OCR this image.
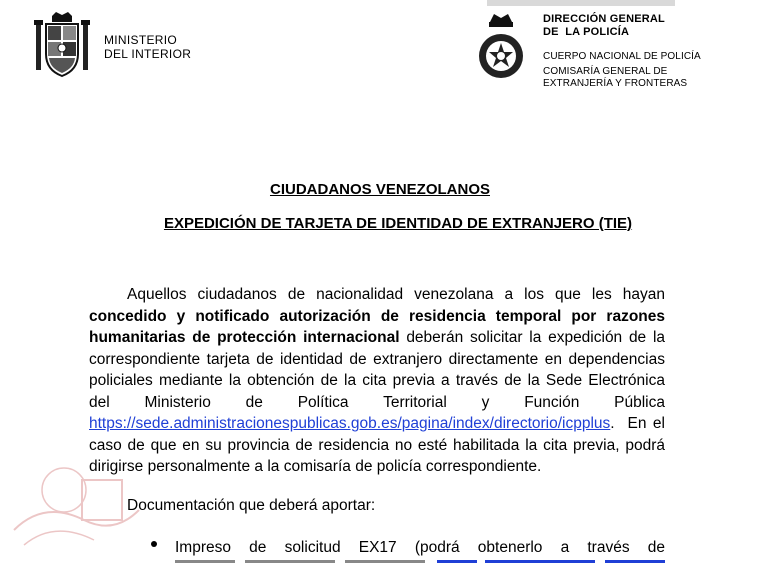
MINISTERIO
DEL INTERIOR
DIRECCIÓN GENERAL
DE  LA POLICÍA
CUERPO NACIONAL DE POLICÍA
COMISARÍA GENERAL DE
EXTRANJERÍA Y FRONTERAS
CIUDADANOS VENEZOLANOS
EXPEDICIÓN DE TARJETA DE IDENTIDAD DE EXTRANJERO (TIE)
Aquellos ciudadanos de nacionalidad venezolana a los que les hayan concedido y notificado autorización de residencia temporal por razones humanitarias de protección internacional deberán solicitar la expedición de la correspondiente tarjeta de identidad de extranjero directamente en dependencias policiales mediante la obtención de la cita previa a través de la Sede Electrónica del Ministerio de Política Territorial y Función Pública https://sede.administracionespublicas.gob.es/pagina/index/directorio/icpplus.  En el caso de que en su provincia de residencia no esté habilitada la cita previa, podrá dirigirse personalmente a la comisaría de policía correspondiente.
Documentación que deberá aportar:
Impreso de solicitud EX17 (podrá obtenerlo a través de
